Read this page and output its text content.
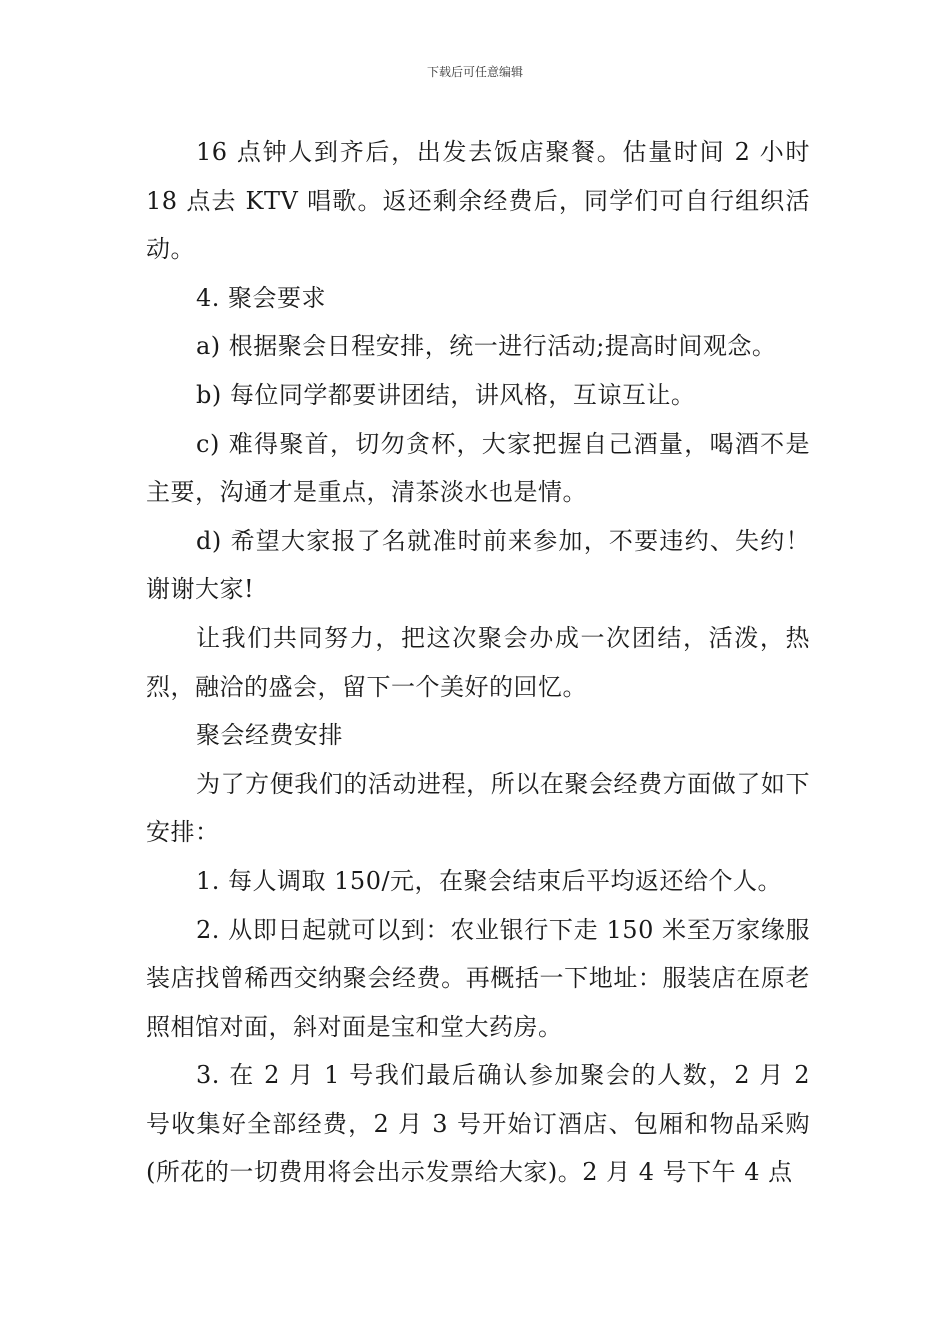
下载后可任意编辑

16 点钟人到齐后，出发去饭店聚餐。估量时间 2 小时 18 点去 KTV 唱歌。返还剩余经费后，同学们可自行组织活动。

4. 聚会要求

a) 根据聚会日程安排，统一进行活动;提高时间观念。

b) 每位同学都要讲团结，讲风格，互谅互让。

c) 难得聚首，切勿贪杯，大家把握自己酒量，喝酒不是主要，沟通才是重点，清茶淡水也是情。

d) 希望大家报了名就准时前来参加，不要违约、失约！谢谢大家!

让我们共同努力，把这次聚会办成一次团结，活泼，热烈，融洽的盛会，留下一个美好的回忆。

聚会经费安排

为了方便我们的活动进程，所以在聚会经费方面做了如下安排：

1. 每人调取 150/元，在聚会结束后平均返还给个人。

2. 从即日起就可以到：农业银行下走 150 米至万家缘服装店找曾稀西交纳聚会经费。再概括一下地址：服装店在原老照相馆对面，斜对面是宝和堂大药房。

3. 在 2 月 1 号我们最后确认参加聚会的人数，2 月 2 号收集好全部经费，2 月 3 号开始订酒店、包厢和物品采购(所花的一切费用将会出示发票给大家)。2 月 4 号下午 4 点
